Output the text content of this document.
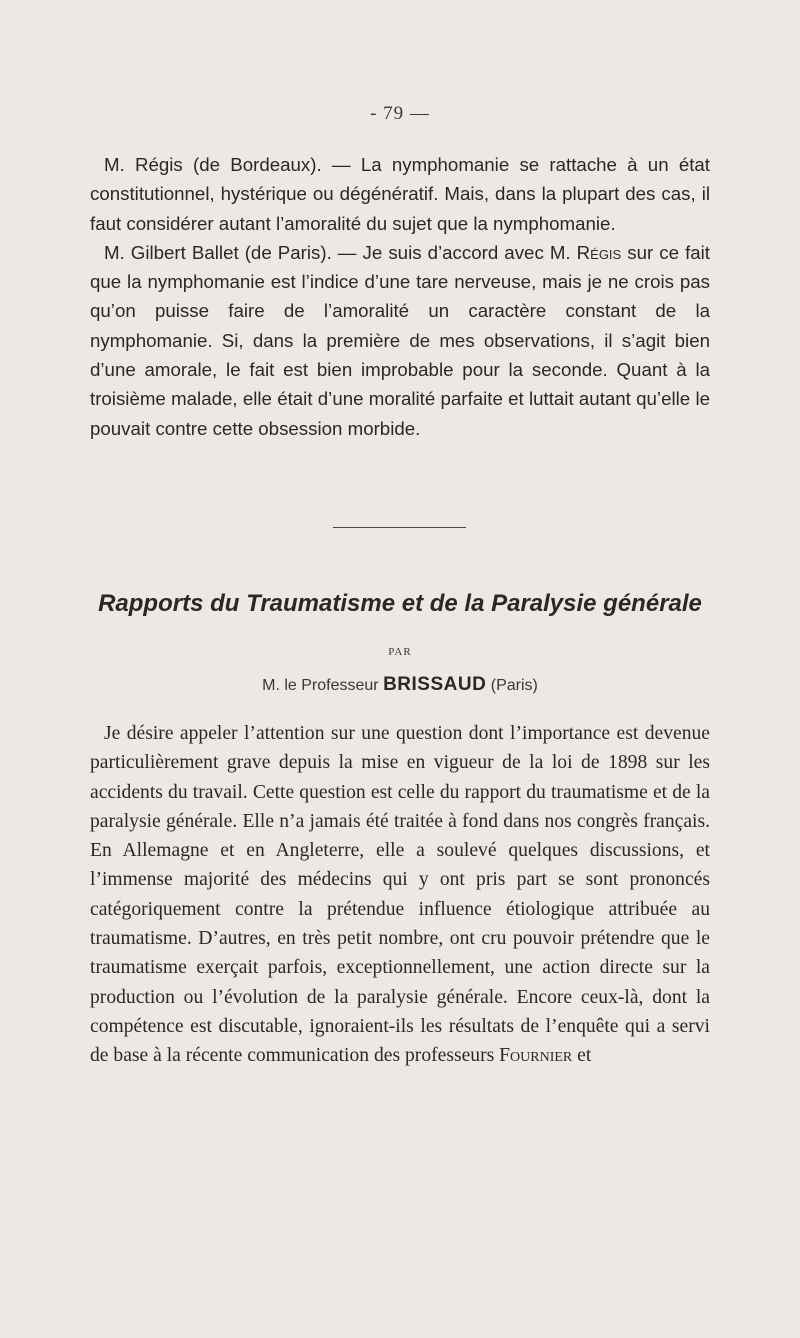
- 79 —

M. Régis (de Bordeaux). — La nymphomanie se rattache à un état constitutionnel, hystérique ou dégénératif. Mais, dans la plupart des cas, il faut considérer autant l’amoralité du sujet que la nymphomanie.

M. Gilbert Ballet (de Paris). — Je suis d’accord avec M. Régis sur ce fait que la nymphomanie est l’indice d’une tare nerveuse, mais je ne crois pas qu’on puisse faire de l’amoralité un caractère constant de la nymphomanie. Si, dans la première de mes observations, il s’agit bien d’une amorale, le fait est bien improbable pour la seconde. Quant à la troisième malade, elle était d’une moralité parfaite et luttait autant qu’elle le pouvait contre cette obsession morbide.

Rapports du Traumatisme et de la Paralysie générale
PAR
M. le Professeur BRISSAUD (Paris)

Je désire appeler l’attention sur une question dont l’importance est devenue particulièrement grave depuis la mise en vigueur de la loi de 1898 sur les accidents du travail. Cette question est celle du rapport du traumatisme et de la paralysie générale. Elle n’a jamais été traitée à fond dans nos congrès français. En Allemagne et en Angleterre, elle a soulevé quelques discussions, et l’immense majorité des médecins qui y ont pris part se sont prononcés catégoriquement contre la prétendue influence étiologique attribuée au traumatisme. D’autres, en très petit nombre, ont cru pouvoir prétendre que le traumatisme exerçait parfois, exceptionnellement, une action directe sur la production ou l’évolution de la paralysie générale. Encore ceux-là, dont la compétence est discutable, ignoraient-ils les résultats de l’enquête qui a servi de base à la récente communication des professeurs Fournier et
